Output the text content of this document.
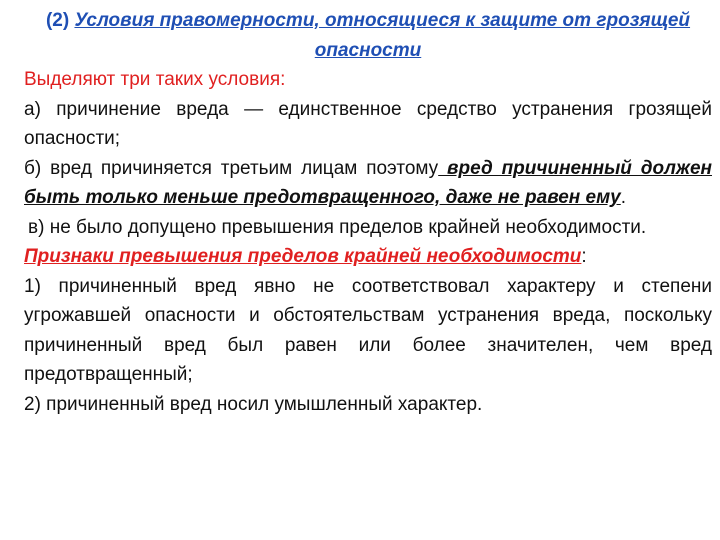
(2) Условия правомерности, относящиеся к защите от грозящей опасности

Выделяют три таких условия:

а) причинение вреда — единственное средство устранения грозящей опасности;

б) вред причиняется третьим лицам поэтому вред причиненный должен быть только меньше предотвращенного, даже не равен ему.

в) не было допущено превышения пределов крайней необходимости.

Признаки превышения пределов крайней необходимости:

1) причиненный вред явно не соответствовал характеру и степени угрожавшей опасности и обстоятельствам устранения вреда, поскольку причиненный вред был равен или более значителен, чем вред предотвращенный;

2) причиненный вред носил умышленный характер.
